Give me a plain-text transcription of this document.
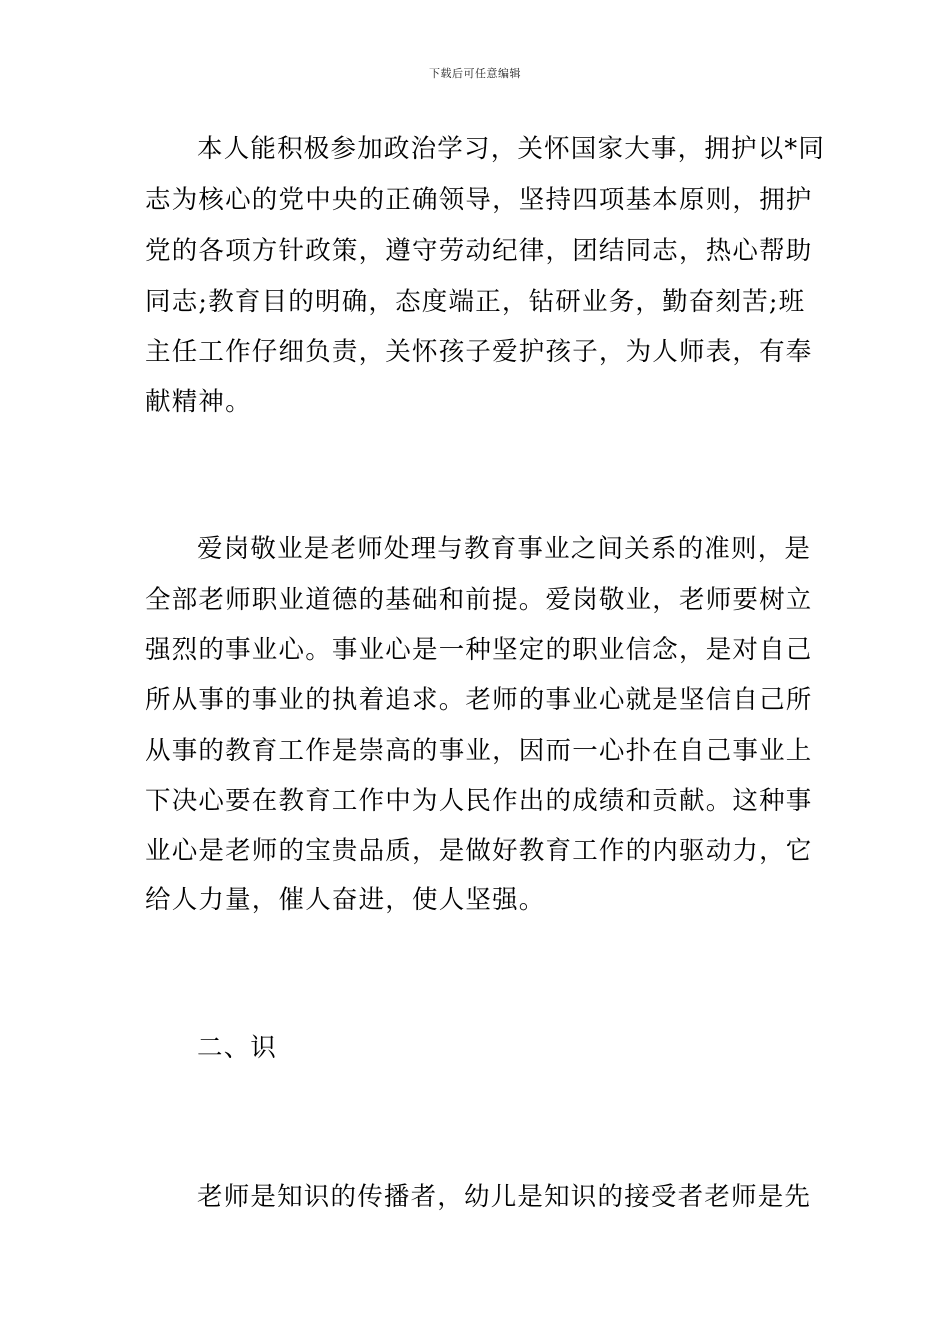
下载后可任意编辑
本人能积极参加政治学习，关怀国家大事，拥护以*同
志为核心的党中央的正确领导，坚持四项基本原则，拥护
党的各项方针政策，遵守劳动纪律，团结同志，热心帮助
同志;教育目的明确，态度端正，钻研业务，勤奋刻苦;班
主任工作仔细负责，关怀孩子爱护孩子，为人师表，有奉
献精神。
爱岗敬业是老师处理与教育事业之间关系的准则，是
全部老师职业道德的基础和前提。爱岗敬业，老师要树立
强烈的事业心。事业心是一种坚定的职业信念，是对自己
所从事的事业的执着追求。老师的事业心就是坚信自己所
从事的教育工作是崇高的事业，因而一心扑在自己事业上
下决心要在教育工作中为人民作出的成绩和贡献。这种事
业心是老师的宝贵品质，是做好教育工作的内驱动力，它
给人力量，催人奋进，使人坚强。
二、识
老师是知识的传播者，幼儿是知识的接受者老师是先
